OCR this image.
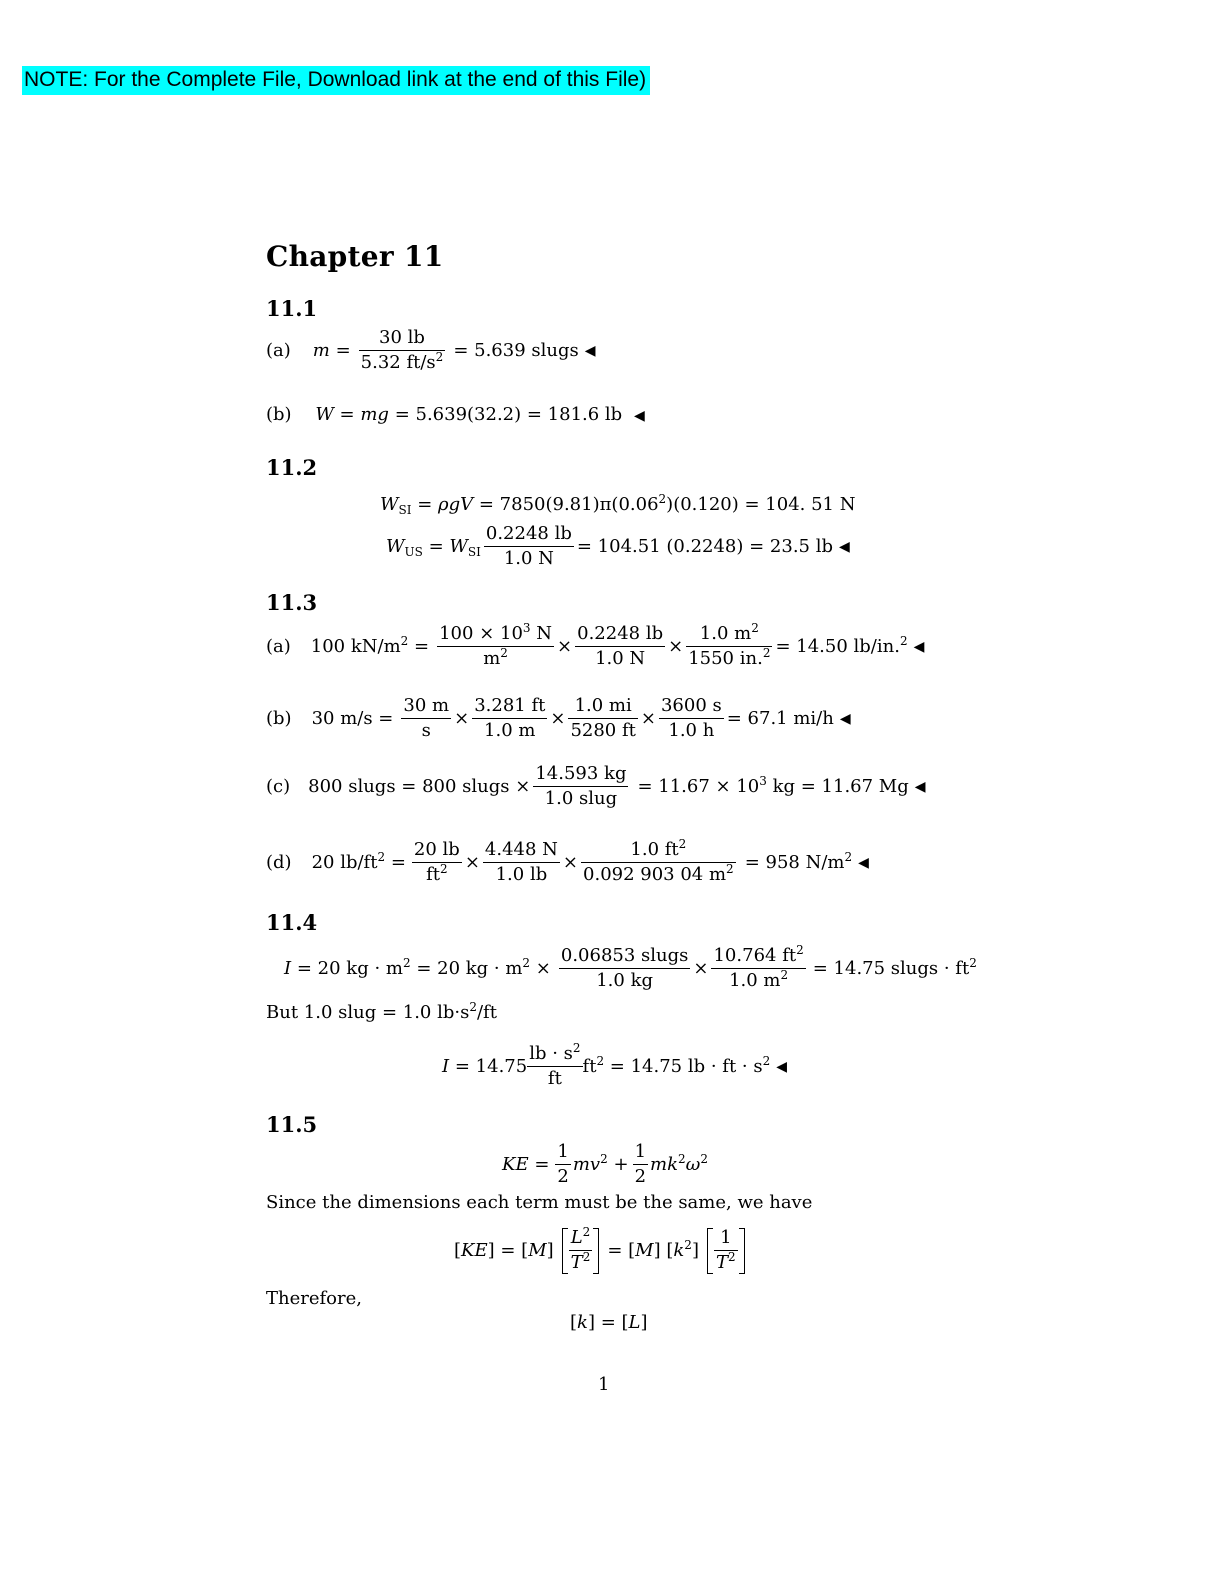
NOTE: For the Complete File, Download link at the end of this File)
Chapter 11
11.1
(a) $m = \frac{30 lb}{5.32 ft/s^2} = 5.639$ slugs ◀
(b) W = mg = 5.639(32.2) = 181.6 lb ◀
11.2
$W_{SI} = \rho gV = 7850(9.81)\pi(0.06^2)(0.120) = 104$. 51 N
$W_{US} = W_{SI} \frac{0.2248 lb}{1.0 N} = 104.51$ (0.2248) = 23.5 lb ◀
11.3
(a) 100 $kN/m^2 = \frac{100 \times 10^3 N}{m^2} \times \frac{0.2248 lb}{1.0 N} \times \frac{1.0 m^2}{1550 in.^2} = 14.50$ lb/in.$^2$ ◀
(b) 30 $m/s = \frac{30 m}{s} \times \frac{3.281 ft}{1.0 m} \times \frac{1.0 mi}{5280 ft} \times \frac{3600 s}{1.0 h} = 67.1$ mi/h ◀
(c) 800 slugs = 800 slugs × $\frac{14.593 kg}{\text{1.0 slug}} = 11.67 \times 10^3$ kg = 11.67 Mg ◀
(d) 20 $lb/ft^2 = \frac{20 lb}{ft^2} \times \frac{4.448 N}{1.0 lb} \times \frac{1.0 ft^2}{0.092 903 04 m^2} = 958$ $N/m^2$ ◀
11.4
I = 20 kg · $m^2 = 20$ kg · $m^2 \times \frac{\text{0.06853 slugs}}{1.0 kg} \times \frac{10.764 ft^2}{1.0 m^2} = 14.75$ slugs · $ft^2$
But 1.0 slug = 1.0 $lb\cdot s^2/ft$
$I = 14.75 \frac{lb \cdot s^2}{ft} ft^2 = 14.75$ lb · ft · $s^2$ ◀
11.5
KE = $\frac{1}{2} mv^2 + \frac{1}{2} mk^2\omega^2$
Since the dimensions each term must be the same, we have
$[KE] = [M] \frac{L^2}{T^2} = [M]$ $[k^2] \frac{1}{T^2}$
Therefore,
[k] = [L]
1
